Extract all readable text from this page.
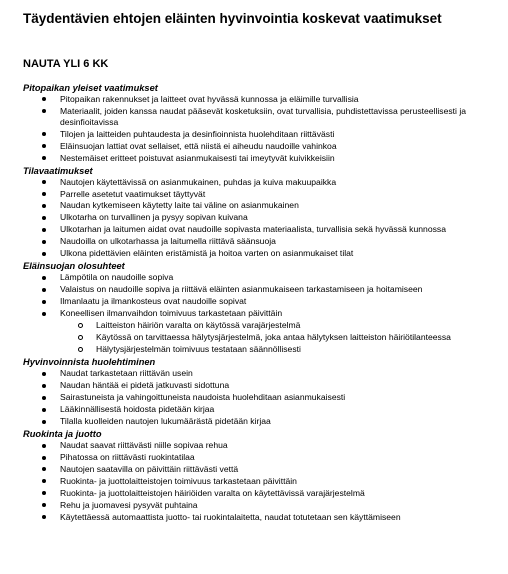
Täydentävien ehtojen eläinten hyvinvointia koskevat vaatimukset
NAUTA YLI 6 KK
Pitopaikan yleiset vaatimukset
Pitopaikan rakennukset ja laitteet ovat hyvässä kunnossa ja eläimille turvallisia
Materiaalit, joiden kanssa naudat pääsevät kosketuksiin, ovat turvallisia, puhdistettavissa perusteellisesti ja desinfioitavissa
Tilojen ja laitteiden puhtaudesta ja desinfioinnista huolehditaan riittävästi
Eläinsuojan lattiat ovat sellaiset, että niistä ei aiheudu naudoille vahinkoa
Nestemäiset eritteet poistuvat asianmukaisesti tai imeytyvät kuivikkeisiin
Tilavaatimukset
Nautojen käytettävissä on asianmukainen, puhdas ja kuiva makuupaikka
Parrelle asetetut vaatimukset täyttyvät
Naudan kytkemiseen käytetty laite tai väline on asianmukainen
Ulkotarha on turvallinen ja pysyy sopivan kuivana
Ulkotarhan ja laitumen aidat ovat naudoille sopivasta materiaalista, turvallisia sekä hyvässä kunnossa
Naudoilla on ulkotarhassa ja laitumella riittävä säänsuoja
Ulkona pidettävien eläinten eristämistä ja hoitoa varten on asianmukaiset tilat
Eläinsuojan olosuhteet
Lämpötila on naudoille sopiva
Valaistus on naudoille sopiva ja riittävä eläinten asianmukaiseen tarkastamiseen ja hoitamiseen
Ilmanlaatu ja ilmankosteus ovat naudoille sopivat
Koneellisen ilmanvaihdon toimivuus tarkastetaan päivittäin
Laitteiston häiriön varalta on käytössä varajärjestelmä
Käytössä on tarvittaessa hälytysjärjestelmä, joka antaa hälytyksen laitteiston häiriötilanteessa
Hälytysjärjestelmän toimivuus testataan säännöllisesti
Hyvinvoinnista huolehtiminen
Naudat tarkastetaan riittävän usein
Naudan häntää ei pidetä jatkuvasti sidottuna
Sairastuneista ja vahingoittuneista naudoista huolehditaan asianmukaisesti
Lääkinnällisestä hoidosta pidetään kirjaa
Tilalla kuolleiden nautojen lukumäärästä pidetään kirjaa
Ruokinta ja juotto
Naudat saavat riittävästi niille sopivaa rehua
Pihatossa on riittävästi ruokintatilaa
Nautojen saatavilla on päivittäin riittävästi vettä
Ruokinta- ja juottolaitteistojen toimivuus tarkastetaan päivittäin
Ruokinta- ja juottolaitteistojen häiriöiden varalta on käytettävissä varajärjestelmä
Rehu ja juomavesi pysyvät puhtaina
Käytettäessä automaattista juotto- tai ruokintalaitetta, naudat totutetaan sen käyttämiseen
